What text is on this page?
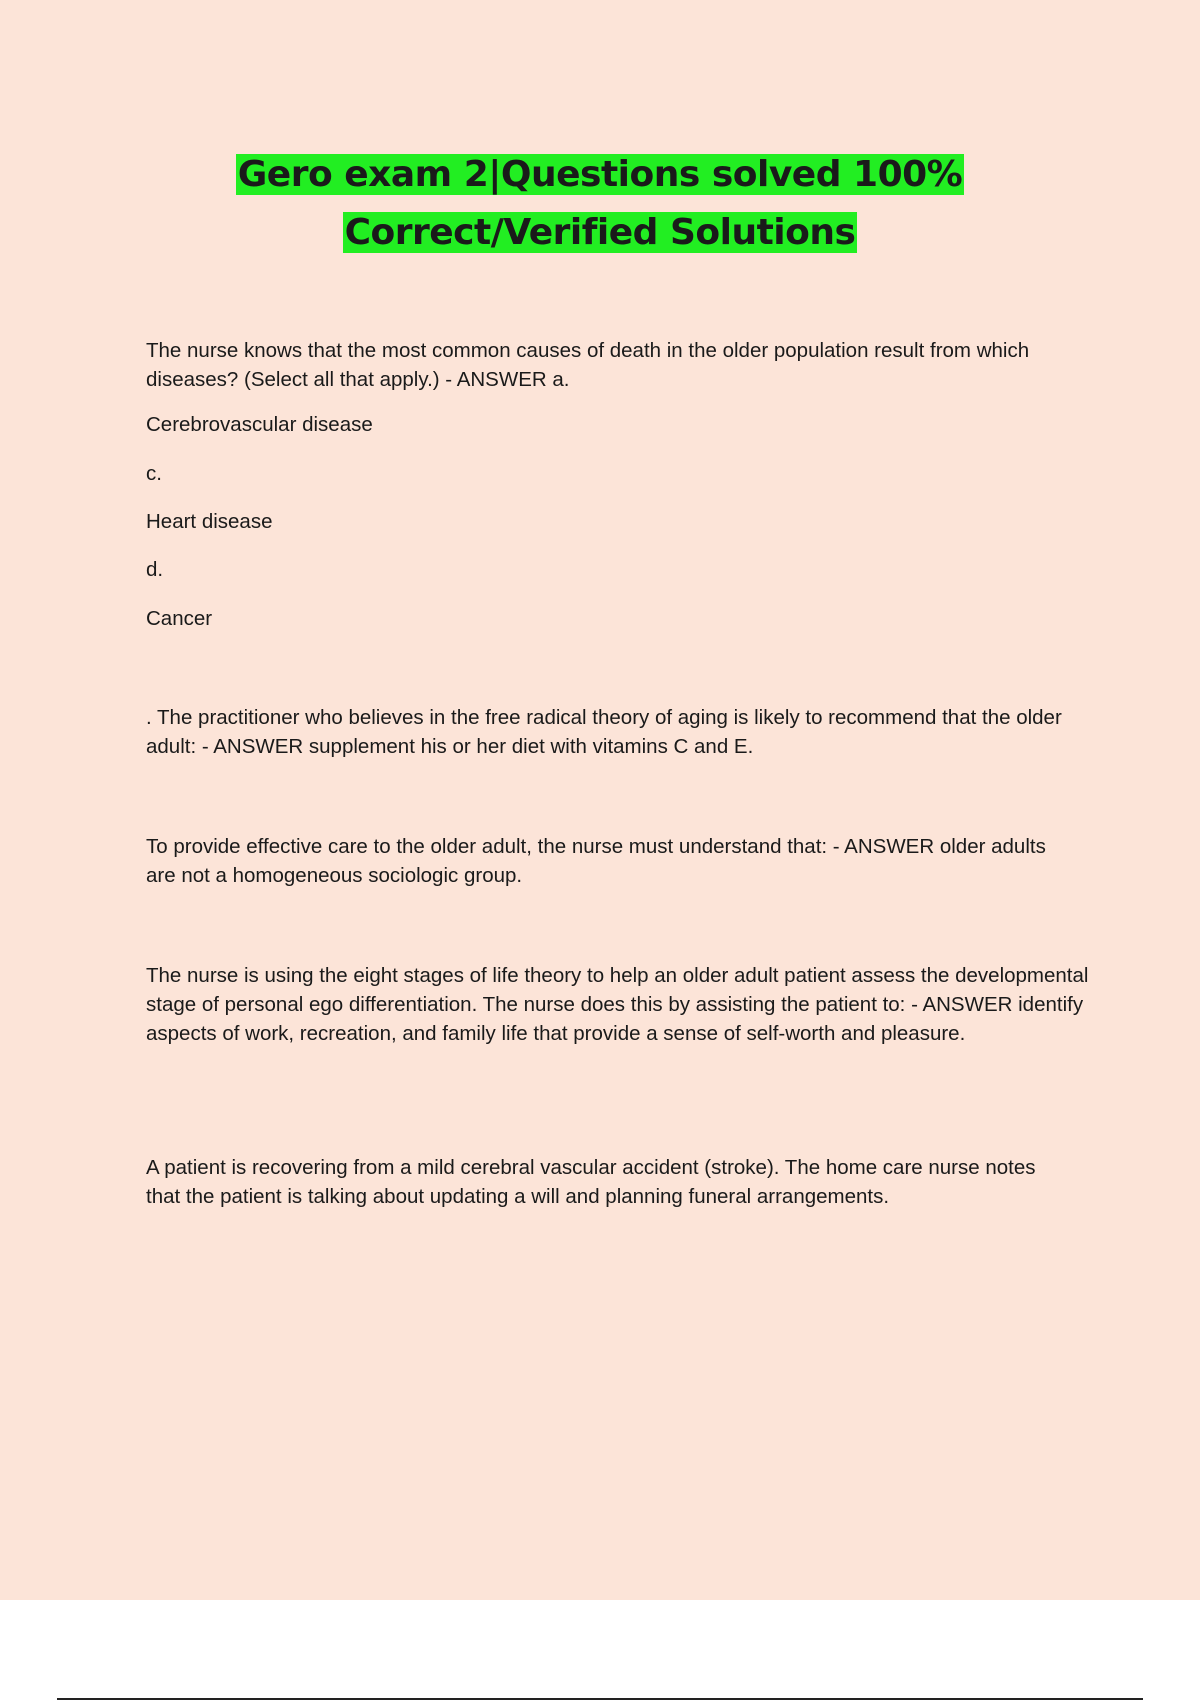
Gero exam 2|Questions solved 100%
Correct/Verified Solutions

The nurse knows that the most common causes of death in the older population result from which diseases? (Select all that apply.) - ANSWER a.

Cerebrovascular disease

c.

Heart disease

d.

Cancer

. The practitioner who believes in the free radical theory of aging is likely to recommend that the older adult: - ANSWER supplement his or her diet with vitamins C and E.

To provide effective care to the older adult, the nurse must understand that: - ANSWER older adults are not a homogeneous sociologic group.

The nurse is using the eight stages of life theory to help an older adult patient assess the developmental stage of personal ego differentiation. The nurse does this by assisting the patient to: - ANSWER identify aspects of work, recreation, and family life that provide a sense of self-worth and pleasure.

A patient is recovering from a mild cerebral vascular accident (stroke). The home care nurse notes that the patient is talking about updating a will and planning funeral arrangements.
